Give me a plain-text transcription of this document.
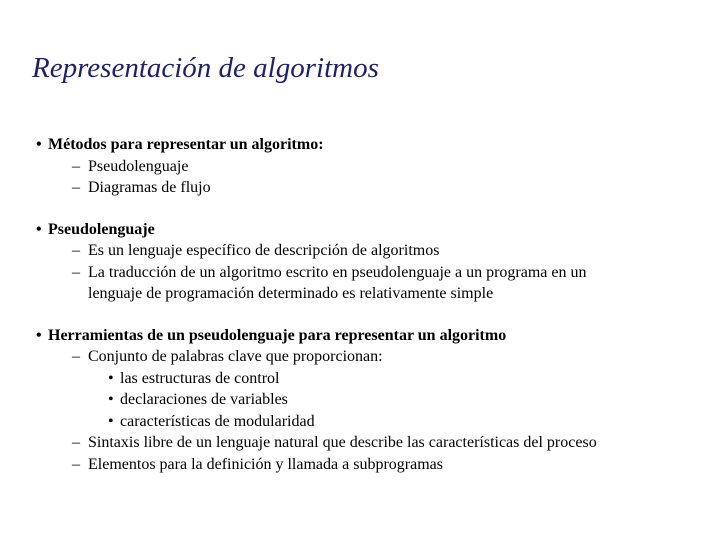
Representación de algoritmos
• Métodos para representar un algoritmo:
– Pseudolenguaje
– Diagramas de flujo
• Pseudolenguaje
– Es un lenguaje específico de descripción de algoritmos
– La traducción de un algoritmo escrito en pseudolenguaje a un programa en un
lenguaje de programación determinado es relativamente simple
• Herramientas de un pseudolenguaje para representar un algoritmo
– Conjunto de palabras clave que proporcionan:
• las estructuras de control
• declaraciones de variables
• características de modularidad
– Sintaxis libre de un lenguaje natural que describe las características del proceso
– Elementos para la definición y llamada a subprogramas
